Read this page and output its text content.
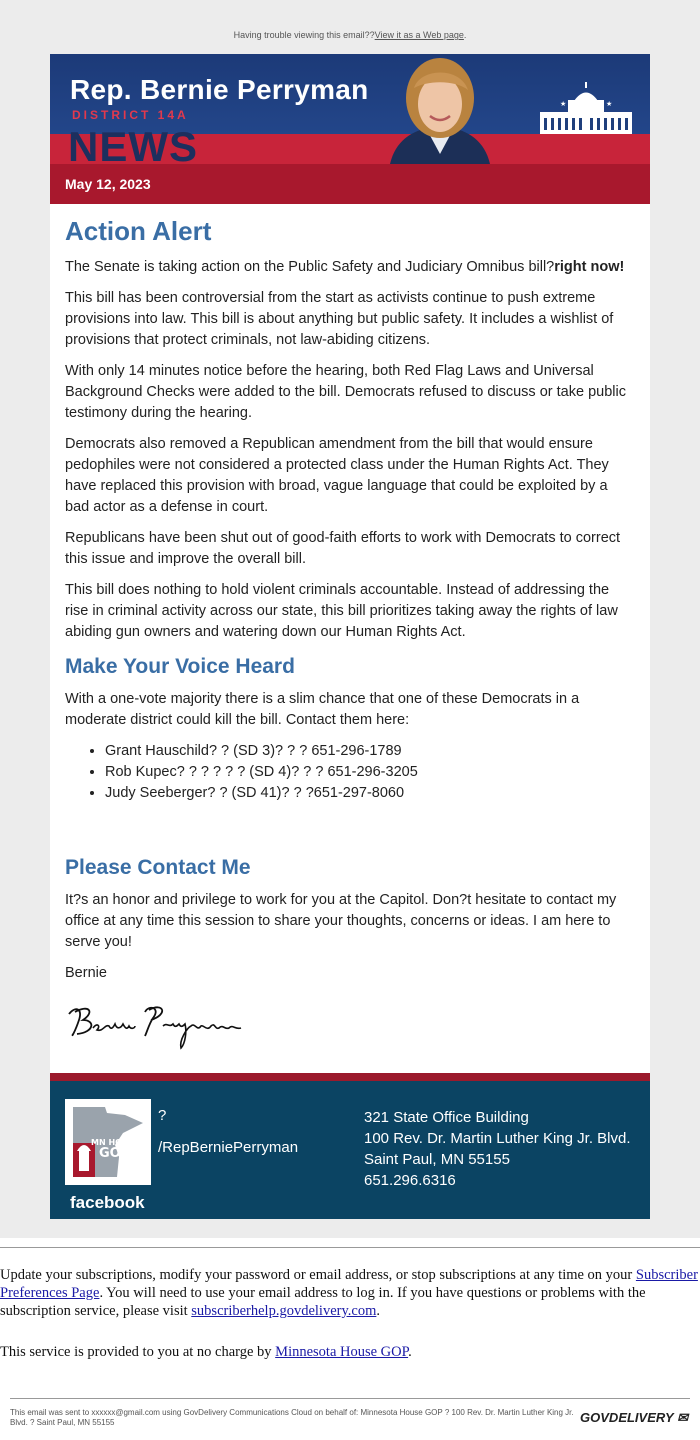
Having trouble viewing this email??View it as a Web page.
Rep. Bernie Perryman
DISTRICT 14A
NEWS
★	★
May 12, 2023
Action Alert

The Senate is taking action on the Public Safety and Judiciary Omnibus bill?right now!

This bill has been controversial from the start as activists continue to push extreme provisions into law. This bill is about anything but public safety. It includes a wishlist of provisions that protect criminals, not law-abiding citizens.

With only 14 minutes notice before the hearing, both Red Flag Laws and Universal Background Checks were added to the bill. Democrats refused to discuss or take public testimony during the hearing.

Democrats also removed a Republican amendment from the bill that would ensure pedophiles were not considered a protected class under the Human Rights Act. They have replaced this provision with broad, vague language that could be exploited by a bad actor as a defense in court.

Republicans have been shut out of good-faith efforts to work with Democrats to correct this issue and improve the overall bill.

This bill does nothing to hold violent criminals accountable. Instead of addressing the rise in criminal activity across our state, this bill prioritizes taking away the rights of law abiding gun owners and watering down our Human Rights Act.

Make Your Voice Heard

With a one-vote majority there is a slim chance that one of these Democrats in a moderate district could kill the bill. Contact them here:

• Grant Hauschild? ? (SD 3)? ? ? 651-296-1789
• Rob Kupec? ? ? ? ? ? (SD 4)? ? ? 651-296-3205
• Judy Seeberger? ? (SD 41)? ? ?651-297-8060
Please Contact Me

It?s an honor and privilege to work for you at the Capitol. Don?t hesitate to contact my office at any time this session to share your thoughts, concerns or ideas. I am here to serve you!

Bernie

MN HOUSE
GOP
facebook
?
/RepBerniePerryman
321 State Office Building
100 Rev. Dr. Martin Luther King Jr. Blvd.
Saint Paul, MN 55155
651.296.6316

Update your subscriptions, modify your password or email address, or stop subscriptions at any time on your Subscriber Preferences Page. You will need to use your email address to log in. If you have questions or problems with the subscription service, please visit subscriberhelp.govdelivery.com.

This service is provided to you at no charge by Minnesota House GOP.

This email was sent to xxxxxx@gmail.com using GovDelivery Communications Cloud on behalf of: Minnesota House GOP ? 100 Rev. Dr. Martin Luther King Jr. Blvd. ? Saint Paul, MN 55155	GOVDELIVERY ✉
